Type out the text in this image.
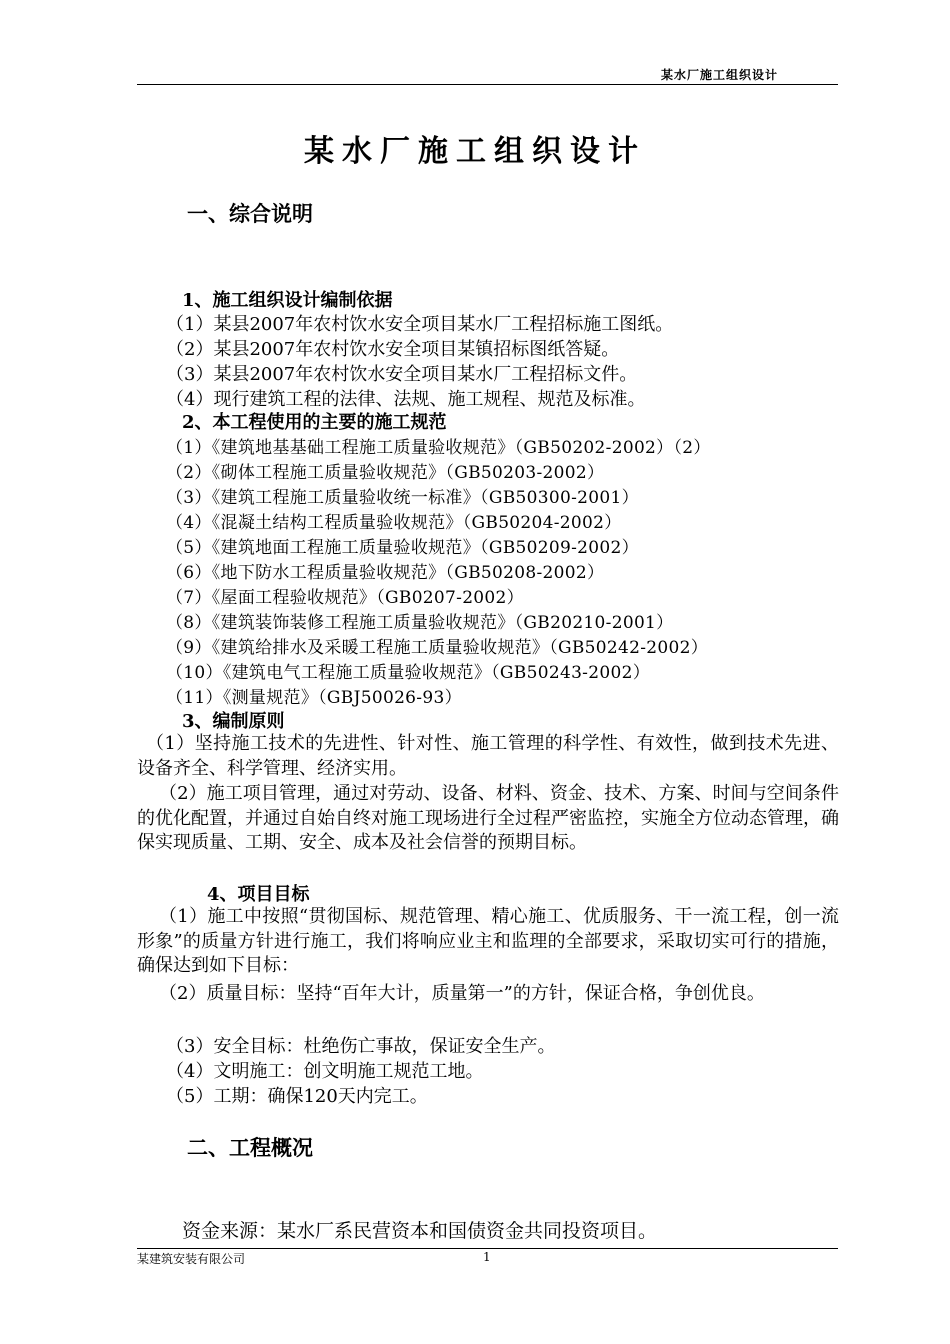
某水厂施工组织设计
某水厂施工组织设计
一、综合说明
1、施工组织设计编制依据
（1）某县2007年农村饮水安全项目某水厂工程招标施工图纸。
（2）某县2007年农村饮水安全项目某镇招标图纸答疑。
（3）某县2007年农村饮水安全项目某水厂工程招标文件。
（4）现行建筑工程的法律、法规、施工规程、规范及标准。
2、本工程使用的主要的施工规范
（1）《建筑地基基础工程施工质量验收规范》（GB50202-2002）（2）
（2）《砌体工程施工质量验收规范》（GB50203-2002）
（3）《建筑工程施工质量验收统一标准》（GB50300-2001）
（4）《混凝土结构工程质量验收规范》（GB50204-2002）
（5）《建筑地面工程施工质量验收规范》（GB50209-2002）
（6）《地下防水工程质量验收规范》（GB50208-2002）
（7）《屋面工程验收规范》（GB0207-2002）
（8）《建筑装饰装修工程施工质量验收规范》（GB20210-2001）
（9）《建筑给排水及采暖工程施工质量验收规范》（GB50242-2002）
（10）《建筑电气工程施工质量验收规范》（GB50243-2002）
（11）《测量规范》（GBJ50026-93）
3、编制原则
（1）坚持施工技术的先进性、针对性、施工管理的科学性、有效性，做到技术先进、设备齐全、科学管理、经济实用。
（2）施工项目管理，通过对劳动、设备、材料、资金、技术、方案、时间与空间条件的优化配置，并通过自始自终对施工现场进行全过程严密监控，实施全方位动态管理，确保实现质量、工期、安全、成本及社会信誉的预期目标。
4、项目目标
（1）施工中按照“贯彻国标、规范管理、精心施工、优质服务、干一流工程，创一流形象”的质量方针进行施工，我们将响应业主和监理的全部要求，采取切实可行的措施，确保达到如下目标：
（2）质量目标：坚持“百年大计，质量第一”的方针，保证合格，争创优良。
（3）安全目标：杜绝伤亡事故，保证安全生产。
（4）文明施工：创文明施工规范工地。
（5）工期：确保120天内完工。
二、工程概况
资金来源：某水厂系民营资本和国债资金共同投资项目。
某建筑安装有限公司	1
